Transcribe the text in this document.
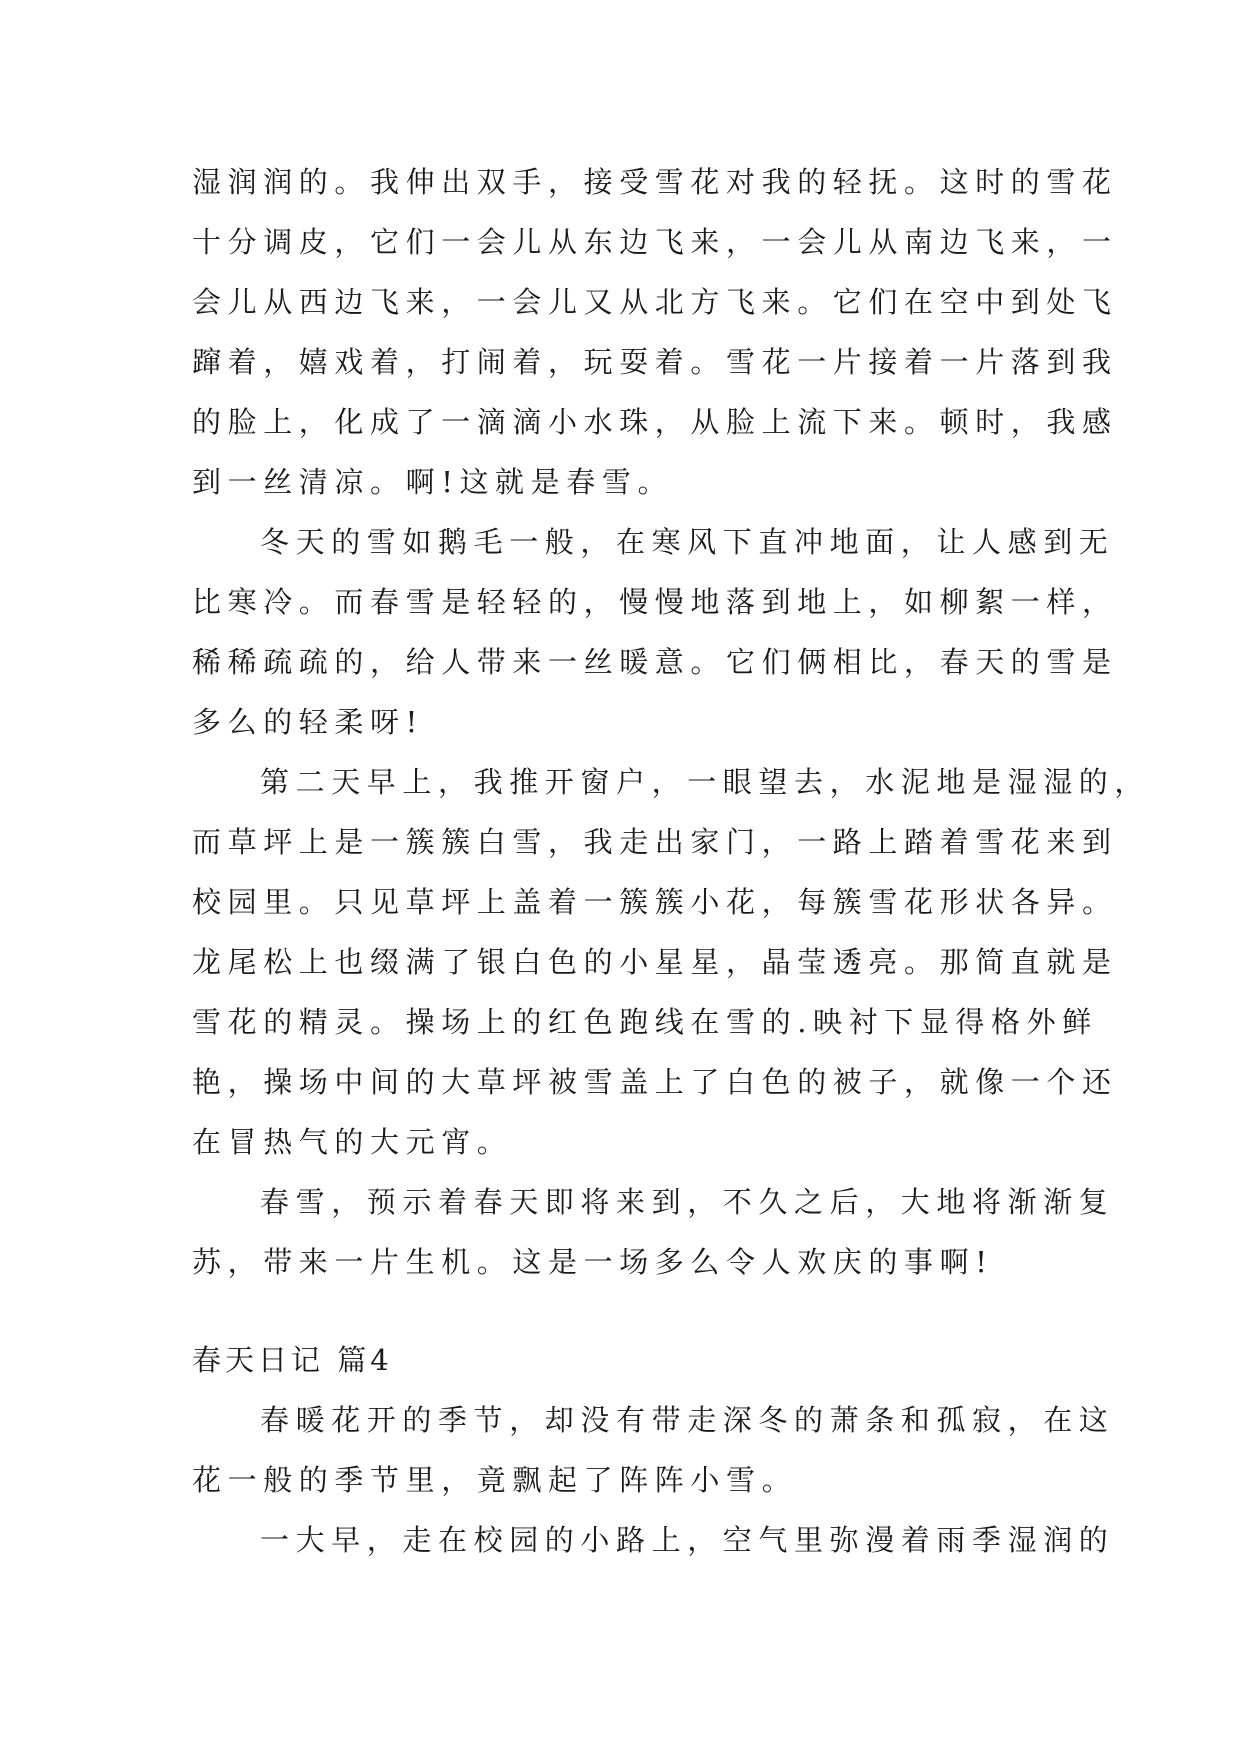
湿润润的。我伸出双手，接受雪花对我的轻抚。这时的雪花
十分调皮，它们一会儿从东边飞来，一会儿从南边飞来，一
会儿从西边飞来，一会儿又从北方飞来。它们在空中到处飞
蹿着，嬉戏着，打闹着，玩耍着。雪花一片接着一片落到我
的脸上，化成了一滴滴小水珠，从脸上流下来。顿时，我感
到一丝清凉。啊!这就是春雪。
冬天的雪如鹅毛一般，在寒风下直冲地面，让人感到无
比寒冷。而春雪是轻轻的，慢慢地落到地上，如柳絮一样，
稀稀疏疏的，给人带来一丝暖意。它们俩相比，春天的雪是
多么的轻柔呀!
第二天早上，我推开窗户，一眼望去，水泥地是湿湿的，
而草坪上是一簇簇白雪，我走出家门，一路上踏着雪花来到
校园里。只见草坪上盖着一簇簇小花，每簇雪花形状各异。
龙尾松上也缀满了银白色的小星星，晶莹透亮。那简直就是
雪花的精灵。操场上的红色跑线在雪的.映衬下显得格外鲜
艳，操场中间的大草坪被雪盖上了白色的被子，就像一个还
在冒热气的大元宵。
春雪，预示着春天即将来到，不久之后，大地将渐渐复
苏，带来一片生机。这是一场多么令人欢庆的事啊!
春天日记 篇4
春暖花开的季节，却没有带走深冬的萧条和孤寂，在这
花一般的季节里，竟飘起了阵阵小雪。
一大早，走在校园的小路上，空气里弥漫着雨季湿润的
